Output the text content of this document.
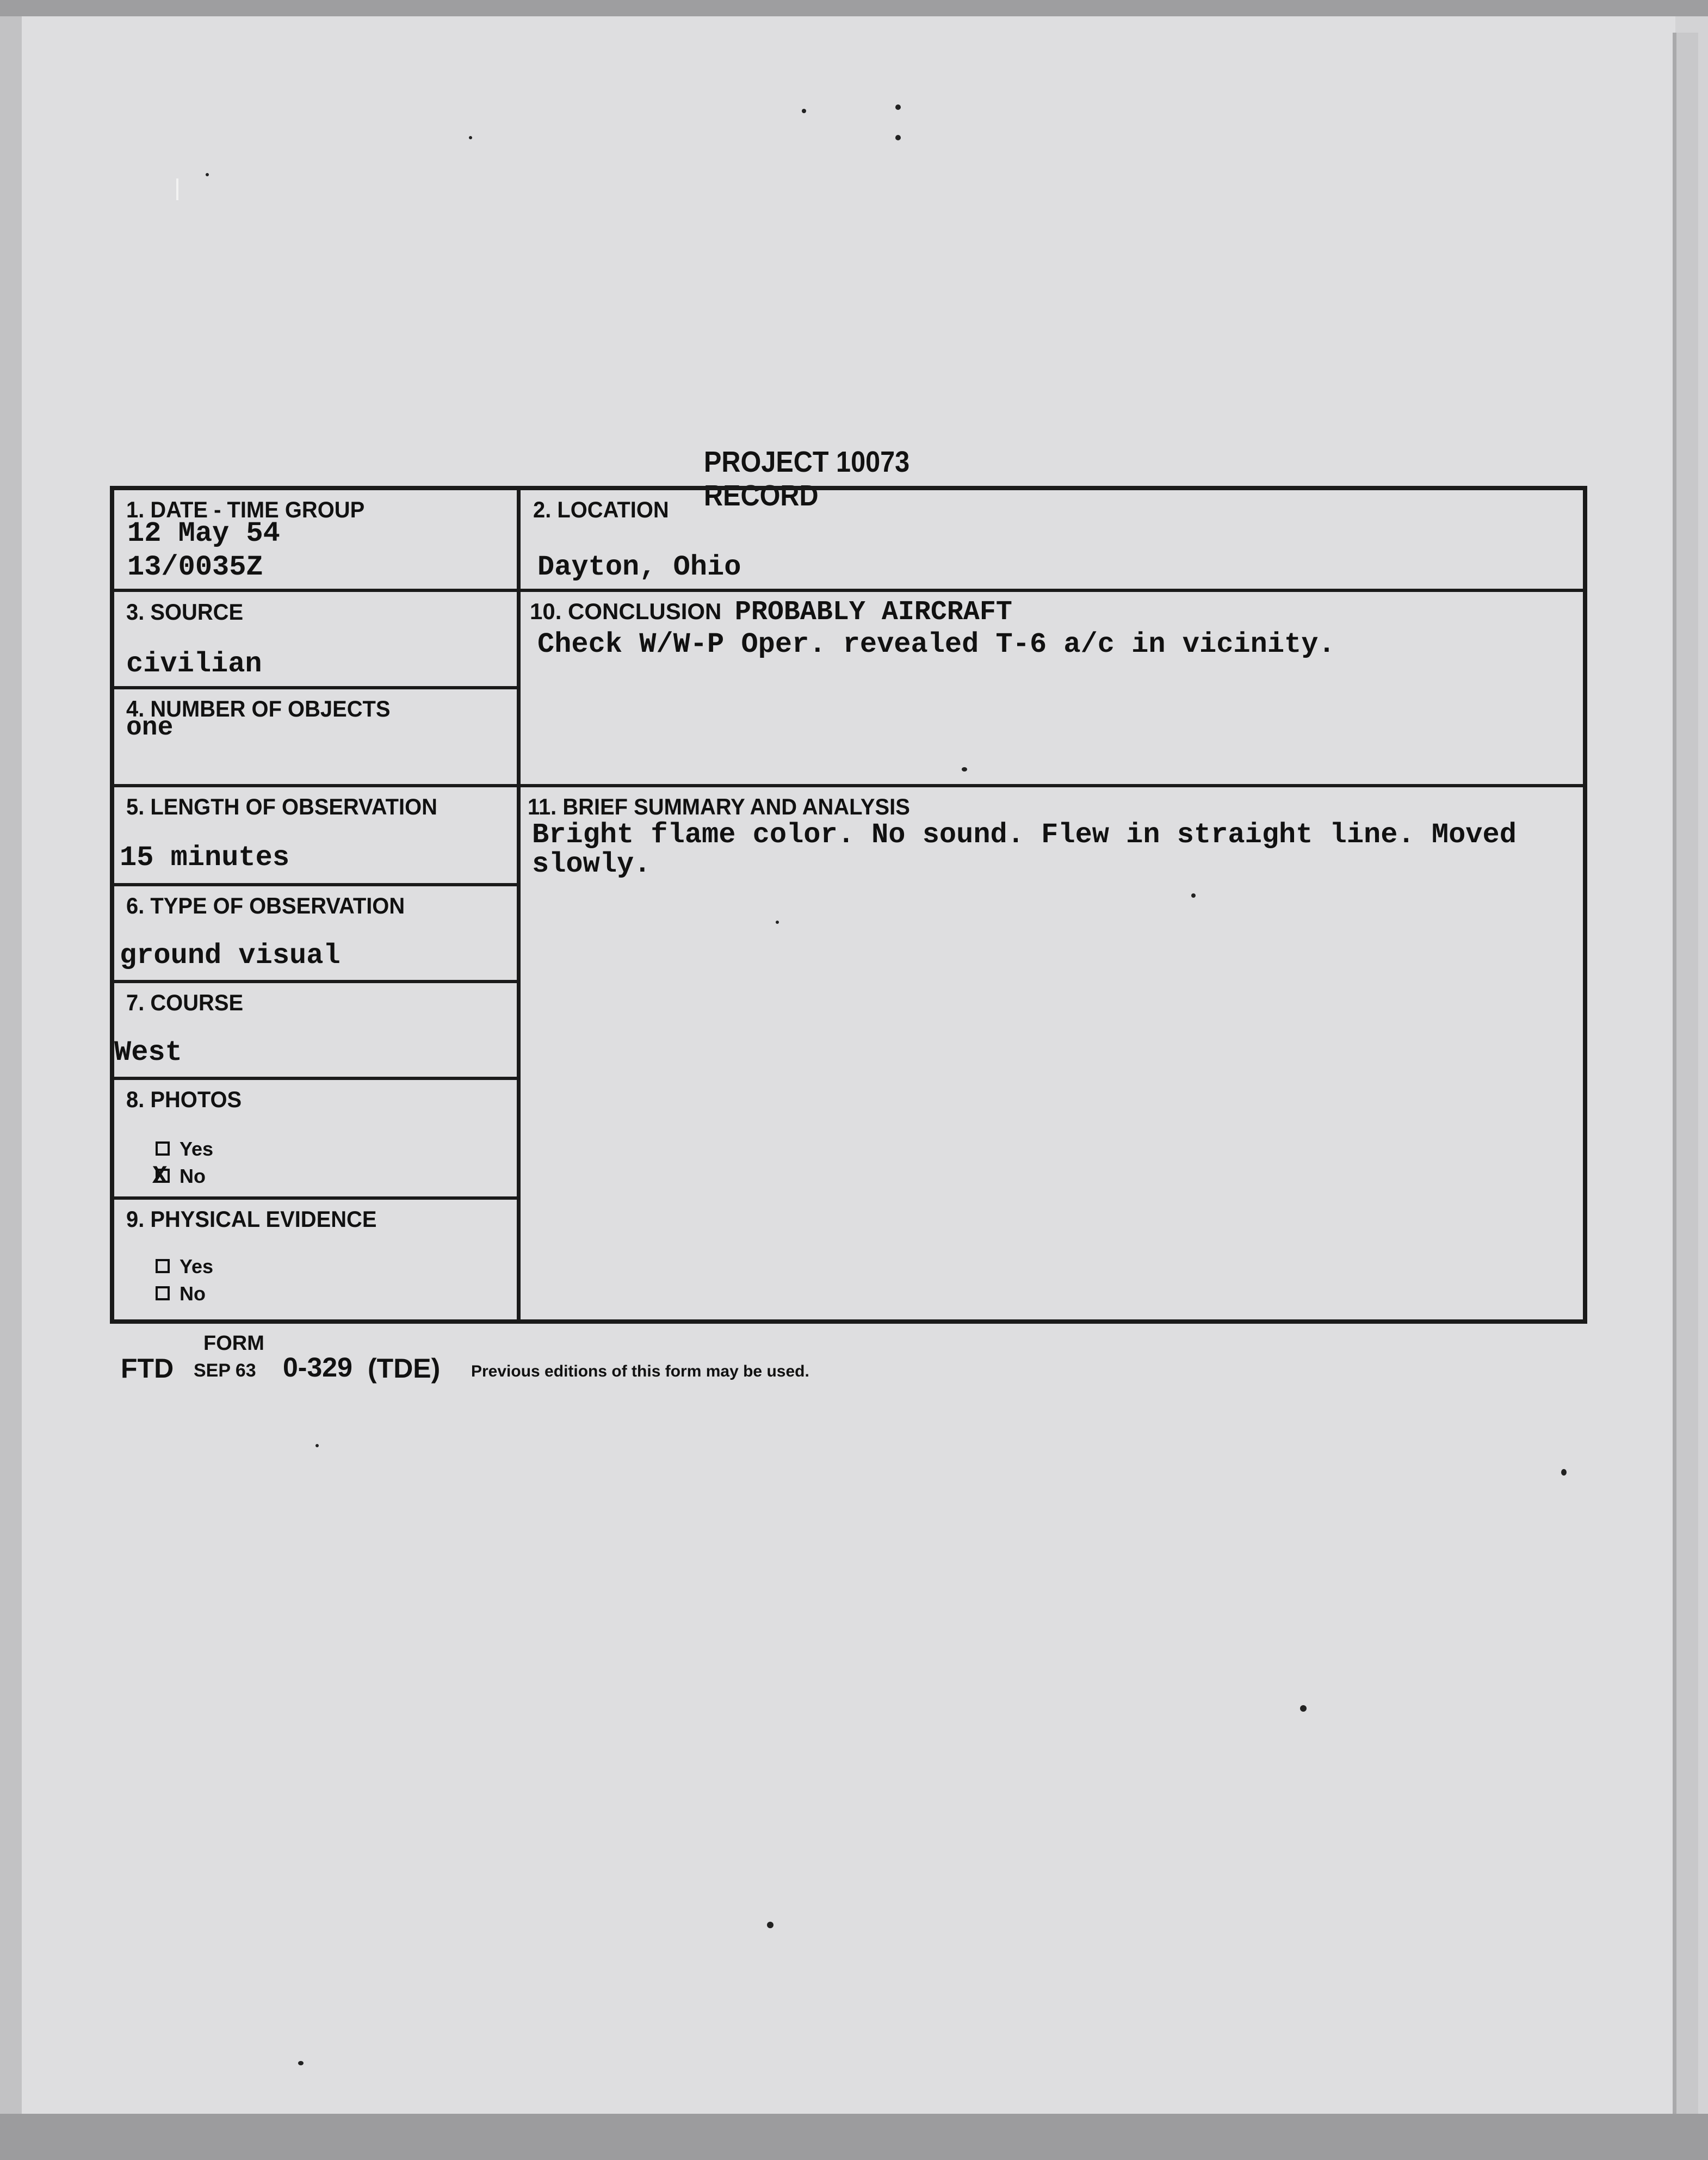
PROJECT 10073 RECORD
1. DATE - TIME GROUP
12 May 54
13/0035Z
2. LOCATION
Dayton, Ohio
3. SOURCE
civilian
4. NUMBER OF OBJECTS
one
10. CONCLUSION PROBABLY AIRCRAFT
Check W/W-P Oper. revealed T-6 a/c in vicinity.
5. LENGTH OF OBSERVATION
15 minutes
11. BRIEF SUMMARY AND ANALYSIS
Bright flame color. No sound. Flew in straight line. Moved
slowly.
6. TYPE OF OBSERVATION
ground visual
7. COURSE
West
8. PHOTOS
Yes
X No
9. PHYSICAL EVIDENCE
Yes
No
FORM
FTD SEP 63 0-329 (TDE) Previous editions of this form may be used.
